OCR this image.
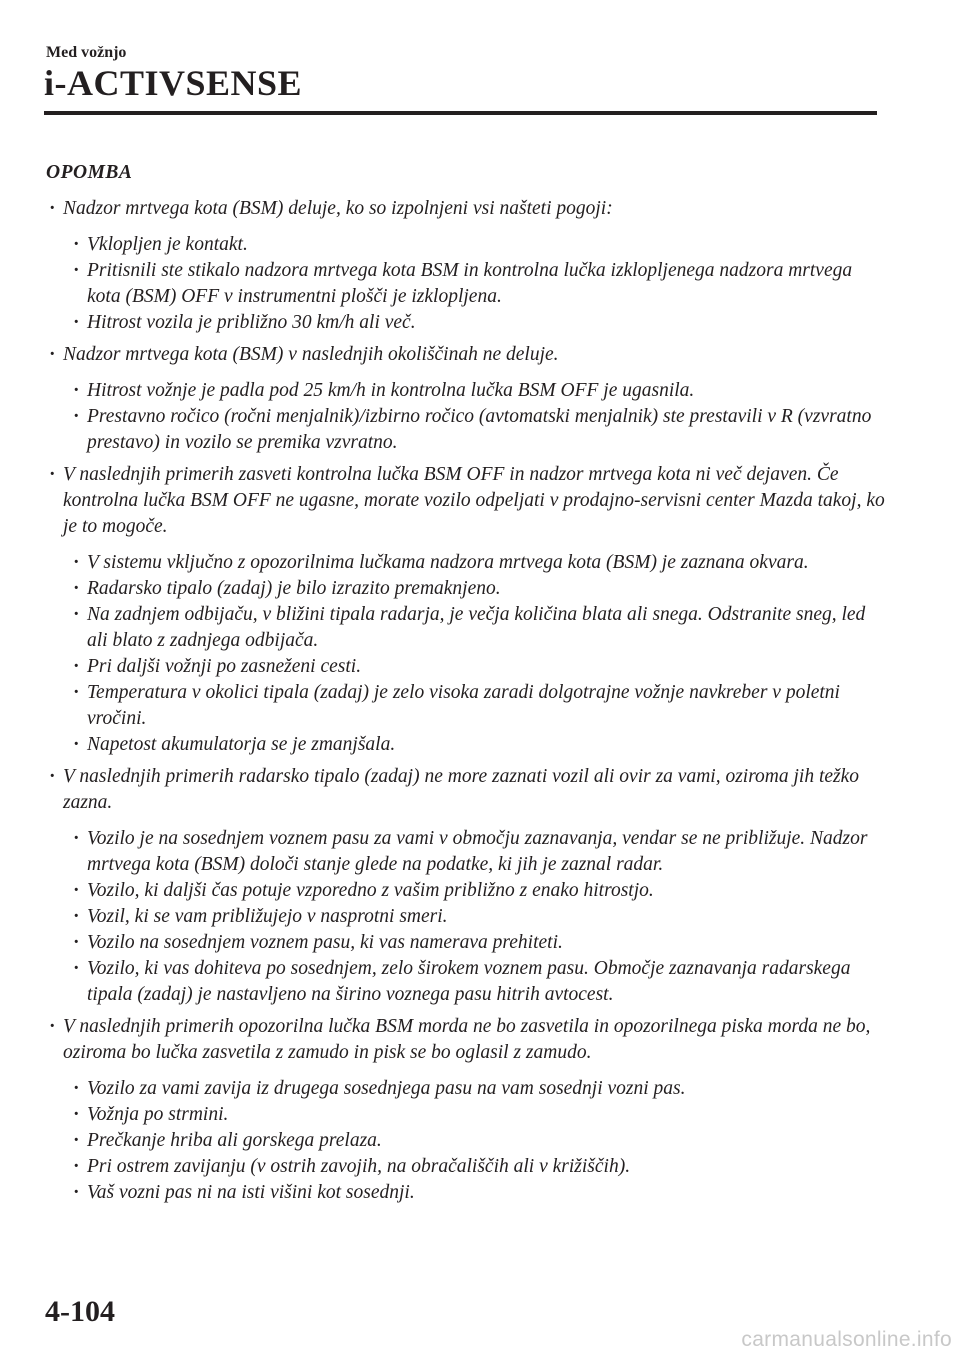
Med vožnjo
i-ACTIVSENSE
OPOMBA
· Nadzor mrtvega kota (BSM) deluje, ko so izpolnjeni vsi našteti pogoji:
· Vklopljen je kontakt.
· Pritisnili ste stikalo nadzora mrtvega kota BSM in kontrolna lučka izklopljenega nadzora mrtvega kota (BSM) OFF v instrumentni plošči je izklopljena.
· Hitrost vozila je približno 30 km/h ali več.
· Nadzor mrtvega kota (BSM) v naslednjih okoliščinah ne deluje.
· Hitrost vožnje je padla pod 25 km/h in kontrolna lučka BSM OFF je ugasnila.
· Prestavno ročico (ročni menjalnik)/izbirno ročico (avtomatski menjalnik) ste prestavili v R (vzvratno prestavo) in vozilo se premika vzvratno.
· V naslednjih primerih zasveti kontrolna lučka BSM OFF in nadzor mrtvega kota ni več dejaven. Če kontrolna lučka BSM OFF ne ugasne, morate vozilo odpeljati v prodajno-servisni center Mazda takoj, ko je to mogoče.
· V sistemu vključno z opozorilnima lučkama nadzora mrtvega kota (BSM) je zaznana okvara.
· Radarsko tipalo (zadaj) je bilo izrazito premaknjeno.
· Na zadnjem odbijaču, v bližini tipala radarja, je večja količina blata ali snega. Odstranite sneg, led ali blato z zadnjega odbijača.
· Pri daljši vožnji po zasneženi cesti.
· Temperatura v okolici tipala (zadaj) je zelo visoka zaradi dolgotrajne vožnje navkreber v poletni vročini.
· Napetost akumulatorja se je zmanjšala.
· V naslednjih primerih radarsko tipalo (zadaj) ne more zaznati vozil ali ovir za vami, oziroma jih težko zazna.
· Vozilo je na sosednjem voznem pasu za vami v območju zaznavanja, vendar se ne približuje. Nadzor mrtvega kota (BSM) določi stanje glede na podatke, ki jih je zaznal radar.
· Vozilo, ki daljši čas potuje vzporedno z vašim približno z enako hitrostjo.
· Vozil, ki se vam približujejo v nasprotni smeri.
· Vozilo na sosednjem voznem pasu, ki vas namerava prehiteti.
· Vozilo, ki vas dohiteva po sosednjem, zelo širokem voznem pasu. Območje zaznavanja radarskega tipala (zadaj) je nastavljeno na širino voznega pasu hitrih avtocest.
· V naslednjih primerih opozorilna lučka BSM morda ne bo zasvetila in opozorilnega piska morda ne bo, oziroma bo lučka zasvetila z zamudo in pisk se bo oglasil z zamudo.
· Vozilo za vami zavija iz drugega sosednjega pasu na vam sosednji vozni pas.
· Vožnja po strmini.
· Prečkanje hriba ali gorskega prelaza.
· Pri ostrem zavijanju (v ostrih zavojih, na obračališčih ali v križiščih).
· Vaš vozni pas ni na isti višini kot sosednji.
4-104
carmanualsonline.info
